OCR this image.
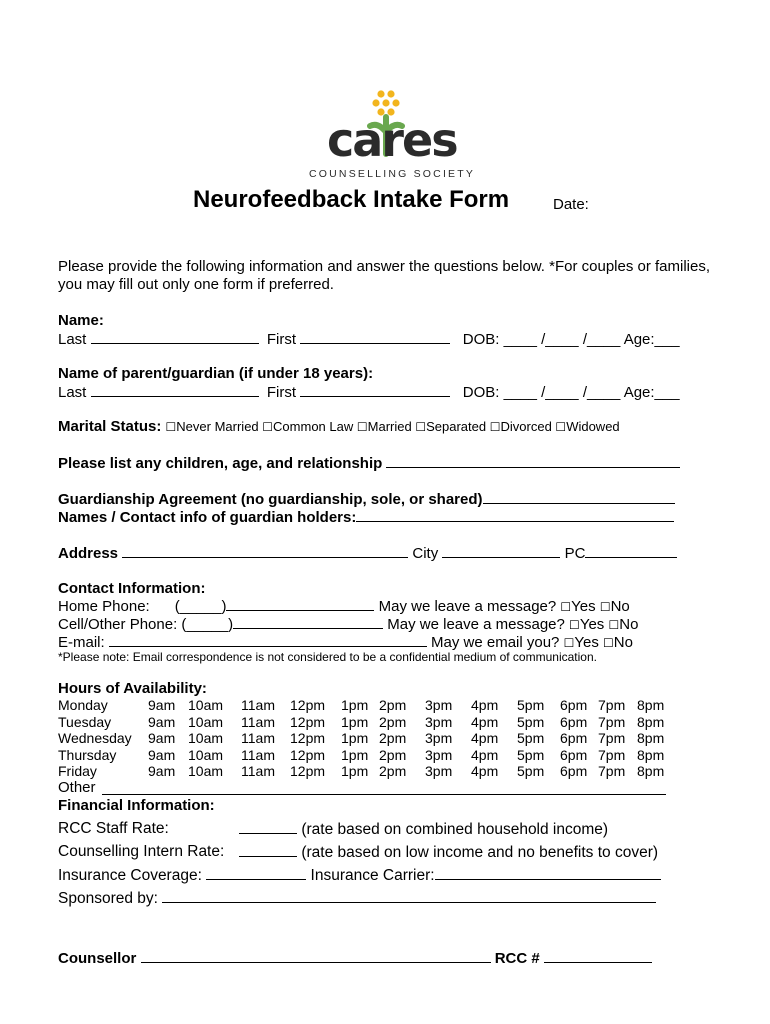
cares
COUNSELLING SOCIETY
Neurofeedback Intake Form	Date:
Please provide the following information and answer the questions below. *For couples or families,
you may fill out only one form if preferred.
Name:
Last	First	DOB: ____ /____ /____ Age:___
Name of parent/guardian (if under 18 years):
Last	First	DOB: ____ /____ /____ Age:___
Marital Status: ☐Never Married ☐Common Law ☐Married ☐Separated ☐Divorced ☐Widowed
Please list any children, age, and relationship
Guardianship Agreement (no guardianship, sole, or shared)
Names / Contact info of guardian holders:
Address	City	PC
Contact Information:
Home Phone: (_____)	May we leave a message? ☐Yes ☐No
Cell/Other Phone: (_____)	May we leave a message? ☐Yes ☐No
E-mail:	May we email you? ☐Yes ☐No
*Please note: Email correspondence is not considered to be a confidential medium of communication.
Hours of Availability:
Monday	9am 10am 11am 12pm 1pm 2pm 3pm 4pm 5pm 6pm 7pm 8pm
Tuesday	9am 10am 11am 12pm 1pm 2pm 3pm 4pm 5pm 6pm 7pm 8pm
Wednesday 9am 10am 11am 12pm 1pm 2pm 3pm 4pm 5pm 6pm 7pm 8pm
Thursday 9am 10am 11am 12pm 1pm 2pm 3pm 4pm 5pm 6pm 7pm 8pm
Friday	9am 10am 11am 12pm 1pm 2pm 3pm 4pm 5pm 6pm 7pm 8pm
Other
Financial Information:
RCC Staff Rate:	(rate based on combined household income)
Counselling Intern Rate:	(rate based on low income and no benefits to cover)
Insurance Coverage:	Insurance Carrier:
Sponsored by:
Counsellor	RCC #
